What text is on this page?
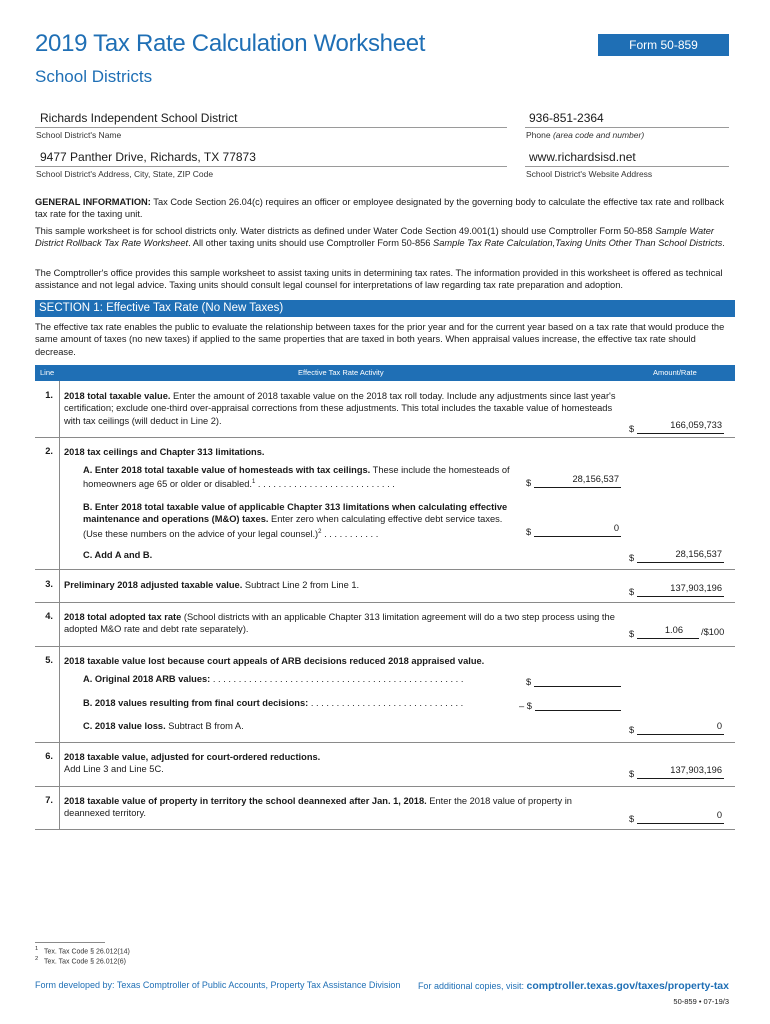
2019 Tax Rate Calculation Worksheet	Form 50-859
School Districts
Richards Independent School District
School District's Name
936-851-2364
Phone (area code and number)
9477 Panther Drive, Richards, TX 77873
School District's Address, City, State, ZIP Code
www.richardsisd.net
School District's Website Address
GENERAL INFORMATION: Tax Code Section 26.04(c) requires an officer or employee designated by the governing body to calculate the effective tax rate and rollback tax rate for the taxing unit.
This sample worksheet is for school districts only. Water districts as defined under Water Code Section 49.001(1) should use Comptroller Form 50-858 Sample Water District Rollback Tax Rate Worksheet. All other taxing units should use Comptroller Form 50-856 Sample Tax Rate Calculation,Taxing Units Other Than School Districts.
The Comptroller's office provides this sample worksheet to assist taxing units in determining tax rates. The information provided in this worksheet is offered as technical assistance and not legal advice. Taxing units should consult legal counsel for interpretations of law regarding tax rate preparation and adoption.
SECTION 1: Effective Tax Rate (No New Taxes)
The effective tax rate enables the public to evaluate the relationship between taxes for the prior year and for the current year based on a tax rate that would produce the same amount of taxes (no new taxes) if applied to the same properties that are taxed in both years. When appraisal values increase, the effective tax rate should decrease.
Line	Effective Tax Rate Activity	Amount/Rate
1. 2018 total taxable value. Enter the amount of 2018 taxable value on the 2018 tax roll today. Include any adjustments since last year's certification; exclude one-third over-appraisal corrections from these adjustments. This total includes the taxable value of homesteads with tax ceilings (will deduct in Line 2).
$	166,059,733
2. 2018 tax ceilings and Chapter 313 limitations.
A. Enter 2018 total taxable value of homesteads with tax ceilings. These include the homesteads of homeowners age 65 or older or disabled.$^1$ . . . . . . . . . . . . . . . . . . . . . . . . . . .	$	28,156,537
B. Enter 2018 total taxable value of applicable Chapter 313 limitations when calculating effective maintenance and operations (M&O) taxes. Enter zero when calculating effective debt service taxes. (Use these numbers on the advice of your legal counsel.)$^2$ . . . . . . . . . . .	$	0
C. Add A and B.	$	28,156,537
3. Preliminary 2018 adjusted taxable value. Subtract Line 2 from Line 1.
$	137,903,196
4. 2018 total adopted tax rate (School districts with an applicable Chapter 313 limitation agreement will do a two step process using the adopted M&O rate and debt rate separately).	$	1.06 /$100
5. 2018 taxable value lost because court appeals of ARB decisions reduced 2018 appraised value.
A. Original 2018 ARB values: . . . . . . . . . . . . . . . . . . . . . . . . . . . . . . . . . . . . . . . . . . . . . . . . .	$
B. 2018 values resulting from final court decisions: . . . . . . . . . . . . . . . . . . . . . . . . . . . . . .	– $
C. 2018 value loss. Subtract B from A.	$	0
6. 2018 taxable value, adjusted for court-ordered reductions.
Add Line 3 and Line 5C.	$	137,903,196
7. 2018 taxable value of property in territory the school deannexed after Jan. 1, 2018. Enter the 2018 value of property in deannexed territory.
$	0
$^1$ Tex. Tax Code § 26.012(14)
$^2$ Tex. Tax Code § 26.012(6)
Form developed by: Texas Comptroller of Public Accounts, Property Tax Assistance Division For additional copies, visit: comptroller.texas.gov/taxes/property-tax
50-859 • 07-19/3
